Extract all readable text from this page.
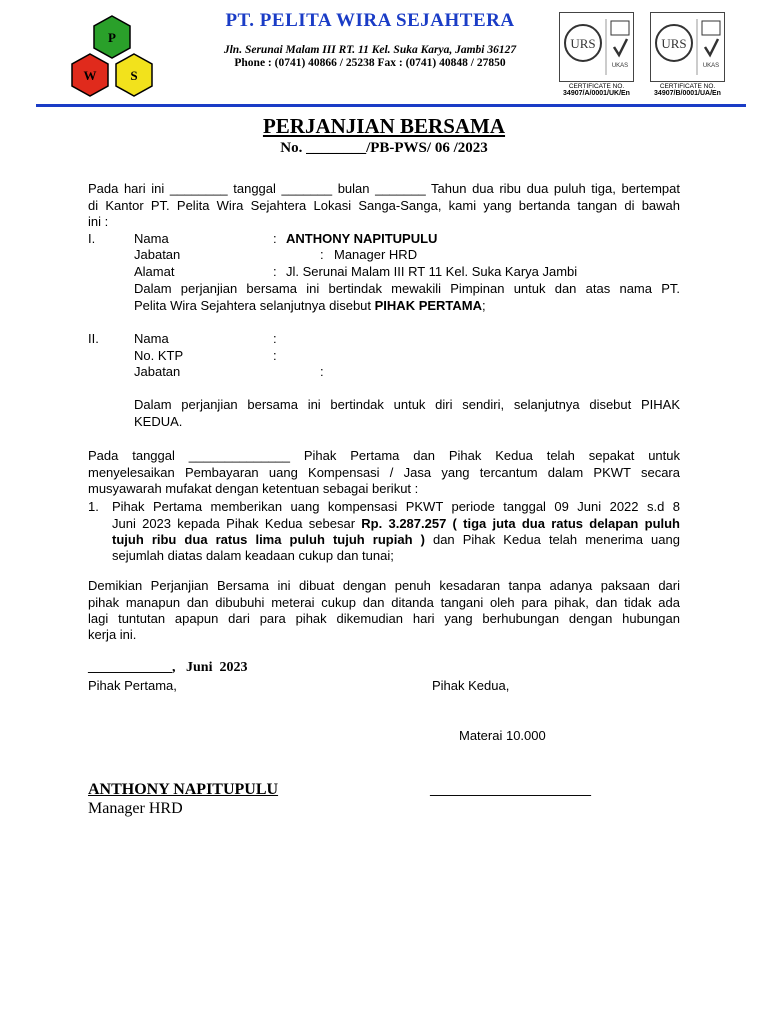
P
W	S
PT. PELITA WIRA SEJAHTERA
Jln. Serunai Malam III RT. 11 Kel. Suka Karya, Jambi 36127
Phone : (0741) 40866 / 25238 Fax : (0741) 40848 / 27850
URS
UKAS
CERTIFICATE NO.
34907/A/0001/UK/En
URS
UKAS
CERTIFICATE NO.
34907/B/0001/UA/En
PERJANJIAN BERSAMA
No. ________/PB-PWS/ 06 /2023
Pada hari ini ________ tanggal _______ bulan _______ Tahun dua ribu dua puluh tiga, bertempat
di Kantor PT. Pelita Wira Sejahtera Lokasi Sanga-Sanga, kami yang bertanda tangan di bawah
ini :
I.	Nama	: ANTHONY NAPITUPULU
Jabatan	: Manager HRD
Alamat	: Jl. Serunai Malam III RT 11 Kel. Suka Karya Jambi
Dalam perjanjian bersama ini bertindak mewakili Pimpinan untuk dan atas nama PT.
Pelita Wira Sejahtera selanjutnya disebut PIHAK PERTAMA;
II.	Nama	:
No. KTP	:
Jabatan	:
Dalam perjanjian bersama ini bertindak untuk diri sendiri, selanjutnya disebut PIHAK
KEDUA.
Pada tanggal ______________ Pihak Pertama dan Pihak Kedua telah sepakat untuk
menyelesaikan Pembayaran uang Kompensasi / Jasa yang tercantum dalam PKWT secara
musyawarah mufakat dengan ketentuan sebagai berikut :
1. Pihak Pertama memberikan uang kompensasi PKWT periode tanggal 09 Juni 2022 s.d 8
Juni 2023 kepada Pihak Kedua sebesar Rp. 3.287.257 ( tiga juta dua ratus delapan puluh
tujuh ribu dua ratus lima puluh tujuh rupiah ) dan Pihak Kedua telah menerima uang
sejumlah diatas dalam keadaan cukup dan tunai;
Demikian Perjanjian Bersama ini dibuat dengan penuh kesadaran tanpa adanya paksaan dari
pihak manapun dan dibubuhi meterai cukup dan ditanda tangani oleh para pihak, dan tidak ada
lagi tuntutan apapun dari para pihak dikemudian hari yang berhubungan dengan hubungan
kerja ini.
____________,   Juni  2023
Pihak Pertama,	Pihak Kedua,
Materai 10.000
ANTHONY NAPITUPULU
Manager HRD
_______________________
